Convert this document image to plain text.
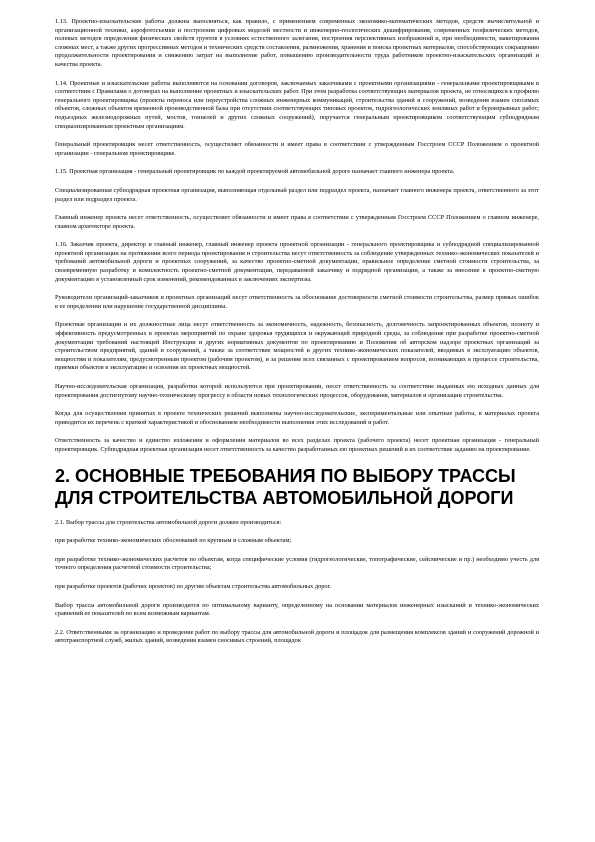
1.13. Проектно-изыскательские работы должны выполняться, как правило, с применением современных экономико-математических методов, средств вычислительной и организационной техники, аэрофотосъемки и построения цифровых моделей местности и инженерно-геологических дешифрирования, современных геофизических методов, полевых методов определения физических свойств грунтов в условиях естественного залегания, построения перспективных изображений и, при необходимости, макетирования сложных мест, а также других прогрессивных методов и технических средств составления, размножения, хранения и поиска проектных материалов, способствующих сокращению продолжительности проектирования и снижению затрат на выполнение работ, повышению производительности труда работников проектно-изыскательских организаций и качества проекта.

1.14. Проектные и изыскательские работы выполняются на основании договоров, заключаемых заказчиками с проектными организациями - генеральными проектировщиками в соответствии с Правилами о договорах на выполнение проектных и изыскательских работ. При этом разработка соответствующих материалов проекта, не относящихся к профилю генерального проектировщика (проекты переноса или переустройства сложных инженерных коммуникаций, строительства зданий и сооружений, возведения взамен сносимых объектов, сложных объектов временной производственной базы при отсутствии соответствующих типовых проектов, гидрогеологических земляных работ и буровзрывных работ; подъездных железнодорожных путей, мостов, тоннелей и других сложных сооружений), поручается генеральным проектировщиком соответствующим субподрядным специализированным проектным организациям.

Генеральный проектировщик несет ответственность, осуществляет обязанности и имеет права в соответствии с утвержденным Госстроем СССР Положением о проектной организации - генеральном проектировщике.

1.15. Проектная организация - генеральный проектировщик по каждой проектируемой автомобильной дороге назначает главного инженера проекта.

Специализированная субподрядная проектная организация, выполняющая отдельный раздел или подраздел проекта, назначает главного инженера проекта, ответственного за этот раздел или подраздел проекта.

Главный инженер проекта несет ответственность, осуществляет обязанности и имеет права в соответствии с утвержденным Госстроем СССР Положением о главном инженере, главном архитекторе проекта.

1.16. Заказчик проекта, директор и главный инженер, главный инженер проекта проектной организации - генерального проектировщика и субподрядной специализированной проектной организации на протяжении всего периода проектирования и строительства несут ответственность за соблюдение утвержденных технико-экономических показателей и требований автомобильной дороги и проектных сооружений, за качество проектно-сметной документации, правильное определение сметной стоимости строительства, за своевременную разработку и комплектность проектно-сметной документации, передаваемой заказчику и подрядной организации, а также за внесение в проектно-сметную документацию в установленный срок изменений, рекомендованных в заключениях экспертизы.

Руководители организаций-заказчиков и проектных организаций несут ответственность за обоснование достоверности сметной стоимости строительства, размер прямых ошибок в ее определении или нарушение государственной дисциплины.

Проектные организации и их должностные лица несут ответственность за экономичность, надежность, безопасность, долговечность запроектированных объектов, полноту и эффективность предусмотренных в проектах мероприятий по охране здоровья трудящихся и окружающей природной среды, за соблюдение при разработке проектно-сметной документации требований настоящей Инструкции и других нормативных документов по проектированию и Положения об авторском надзоре проектных организаций за строительством предприятий, зданий и сооружений, а также за соответствие мощностей и других технико-экономических показателей, вводимых в эксплуатацию объектов, мощностям и показателям, предусмотренным проектом (рабочим проектом), и за решение всех связанных с проектированием вопросов, возникающих в процессе строительства, приемки объектов в эксплуатацию и освоения их проектных мощностей.

Научно-исследовательская организация, разработки которой используются при проектировании, несет ответственность за соответствие выданных ею исходных данных для проектирования достигнутому научно-техническому прогрессу в области новых технологических процессов, оборудования, материалов и организации строительства.

Когда для осуществления принятых в проекте технических решений выполнены научно-исследовательские, экспериментальные или опытные работы, в материалах проекта приводится их перечень с краткой характеристикой и обоснованием необходимости выполнения этих исследований и работ.

Ответственность за качество и единство изложения и оформления материалов во всех разделах проекта (рабочего проекта) несет проектная организация - генеральный проектировщик. Субподрядная проектная организация несет ответственность за качество разработанных ею проектных решений и их соответствие заданию на проектирование.

2. ОСНОВНЫЕ ТРЕБОВАНИЯ ПО ВЫБОРУ ТРАССЫ ДЛЯ СТРОИТЕЛЬСТВА АВТОМОБИЛЬНОЙ ДОРОГИ

2.1. Выбор трассы для строительства автомобильной дороги должен производиться:

при разработке технико-экономических обоснований по крупным и сложным объектам;

при разработке технико-экономических расчетов по объектам, когда специфические условия (гидрогеологические, топографические, сейсмические и пр.) необходимо учесть для точного определения расчетной стоимости строительства;

при разработке проектов (рабочих проектов) по другим объектам строительства автомобильных дорог.

Выбор трассы автомобильной дороги производится по оптимальному варианту, определенному на основании материалов инженерных изысканий и технико-экономических сравнений ее показателей по всем возможным вариантам.

2.2. Ответственными за организацию и проведение работ по выбору трассы для автомобильной дороги и площадок для размещения комплексов зданий и сооружений дорожной и автотранспортной служб, жилых зданий, возведения взамен сносимых строений, площадок
